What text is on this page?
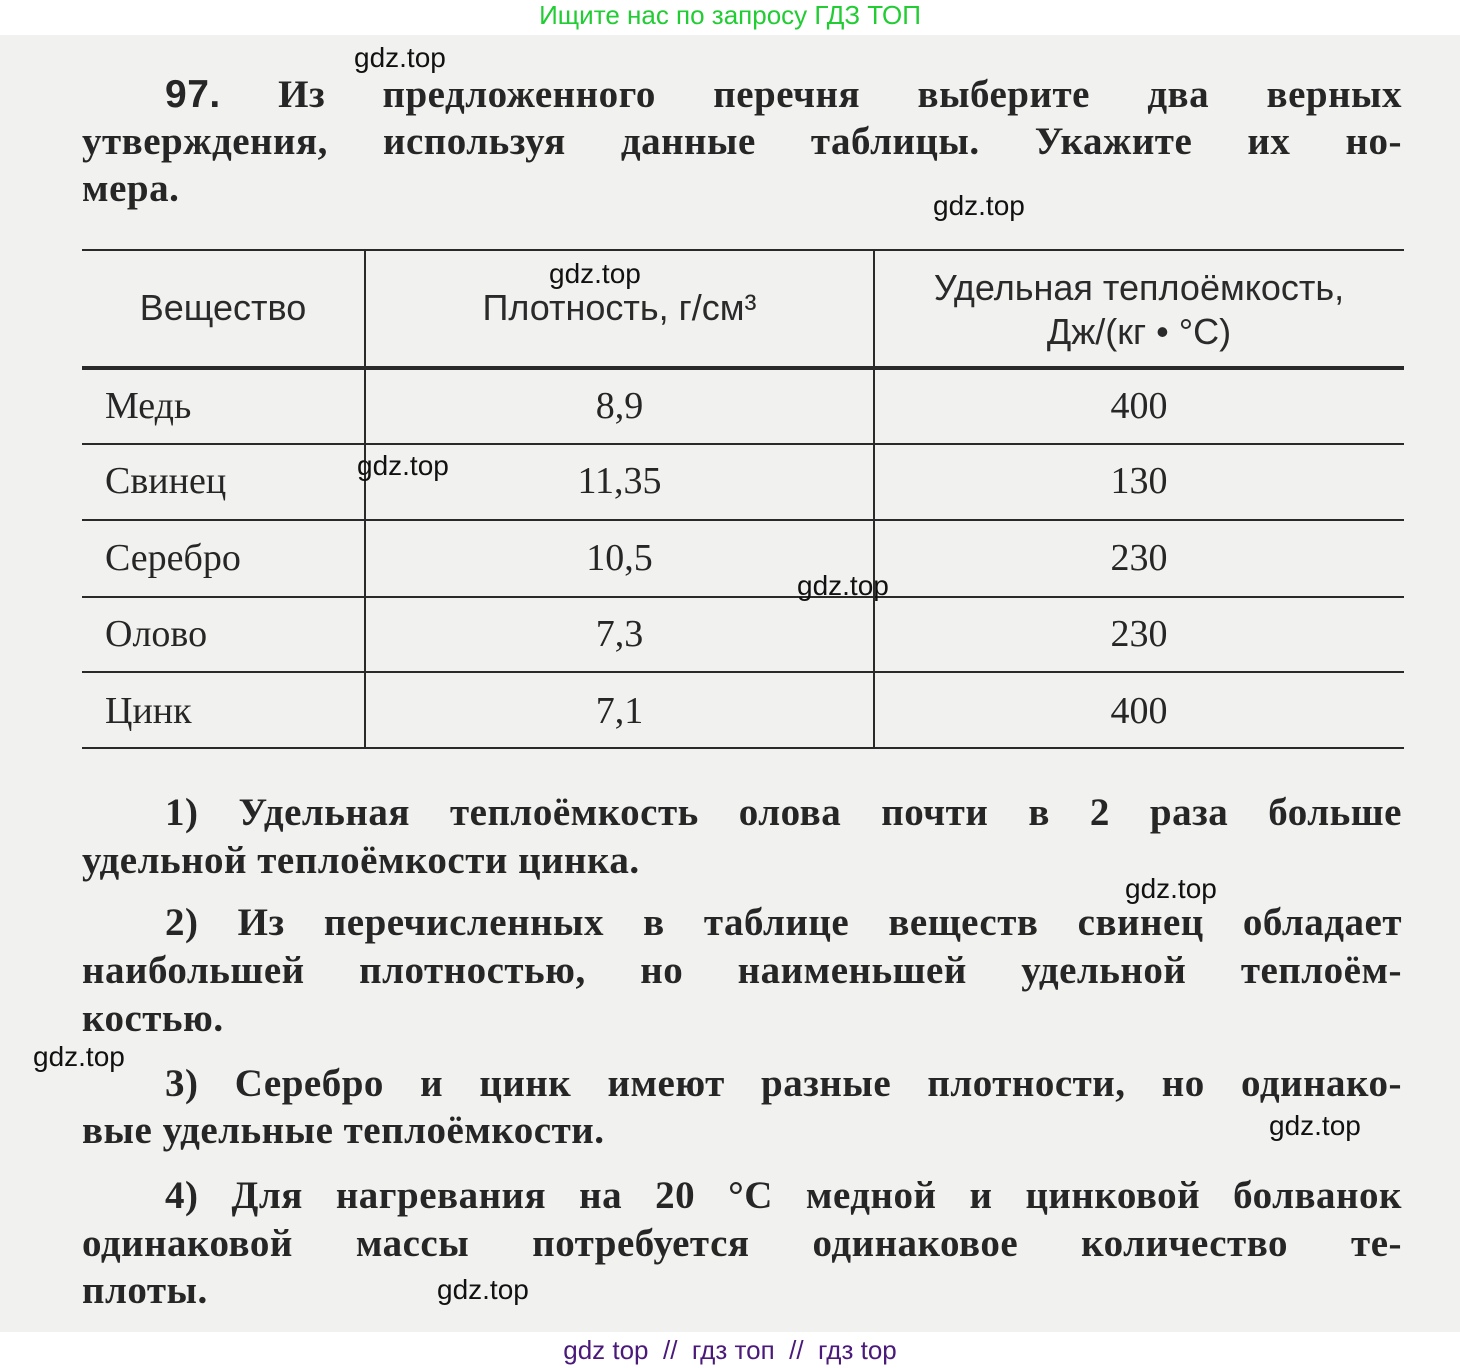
Ищите нас по запросу ГДЗ ТОП
97. Из предложенного перечня выберите два верных
утверждения, используя данные таблицы. Укажите их но-
мера.
Вещество	Плотность, г/см³	Удельная теплоёмкость,
Дж/(кг • °C)
Медь	8,9	400
Свинец	11,35	130
Серебро	10,5	230
Олово	7,3	230
Цинк	7,1	400
1) Удельная теплоёмкость олова почти в 2 раза больше
удельной теплоёмкости цинка.
2) Из перечисленных в таблице веществ свинец обладает
наибольшей плотностью, но наименьшей удельной теплоём-
костью.
3) Серебро и цинк имеют разные плотности, но одинако-
вые удельные теплоёмкости.
4) Для нагревания на 20 °C медной и цинковой болванок
одинаковой массы потребуется одинаковое количество те-
плоты.
gdz.top
gdz.top
gdz.top
gdz.top
gdz.top
gdz.top
gdz.top
gdz.top
gdz.top
gdz top  //  гдз топ  //  гдз top
